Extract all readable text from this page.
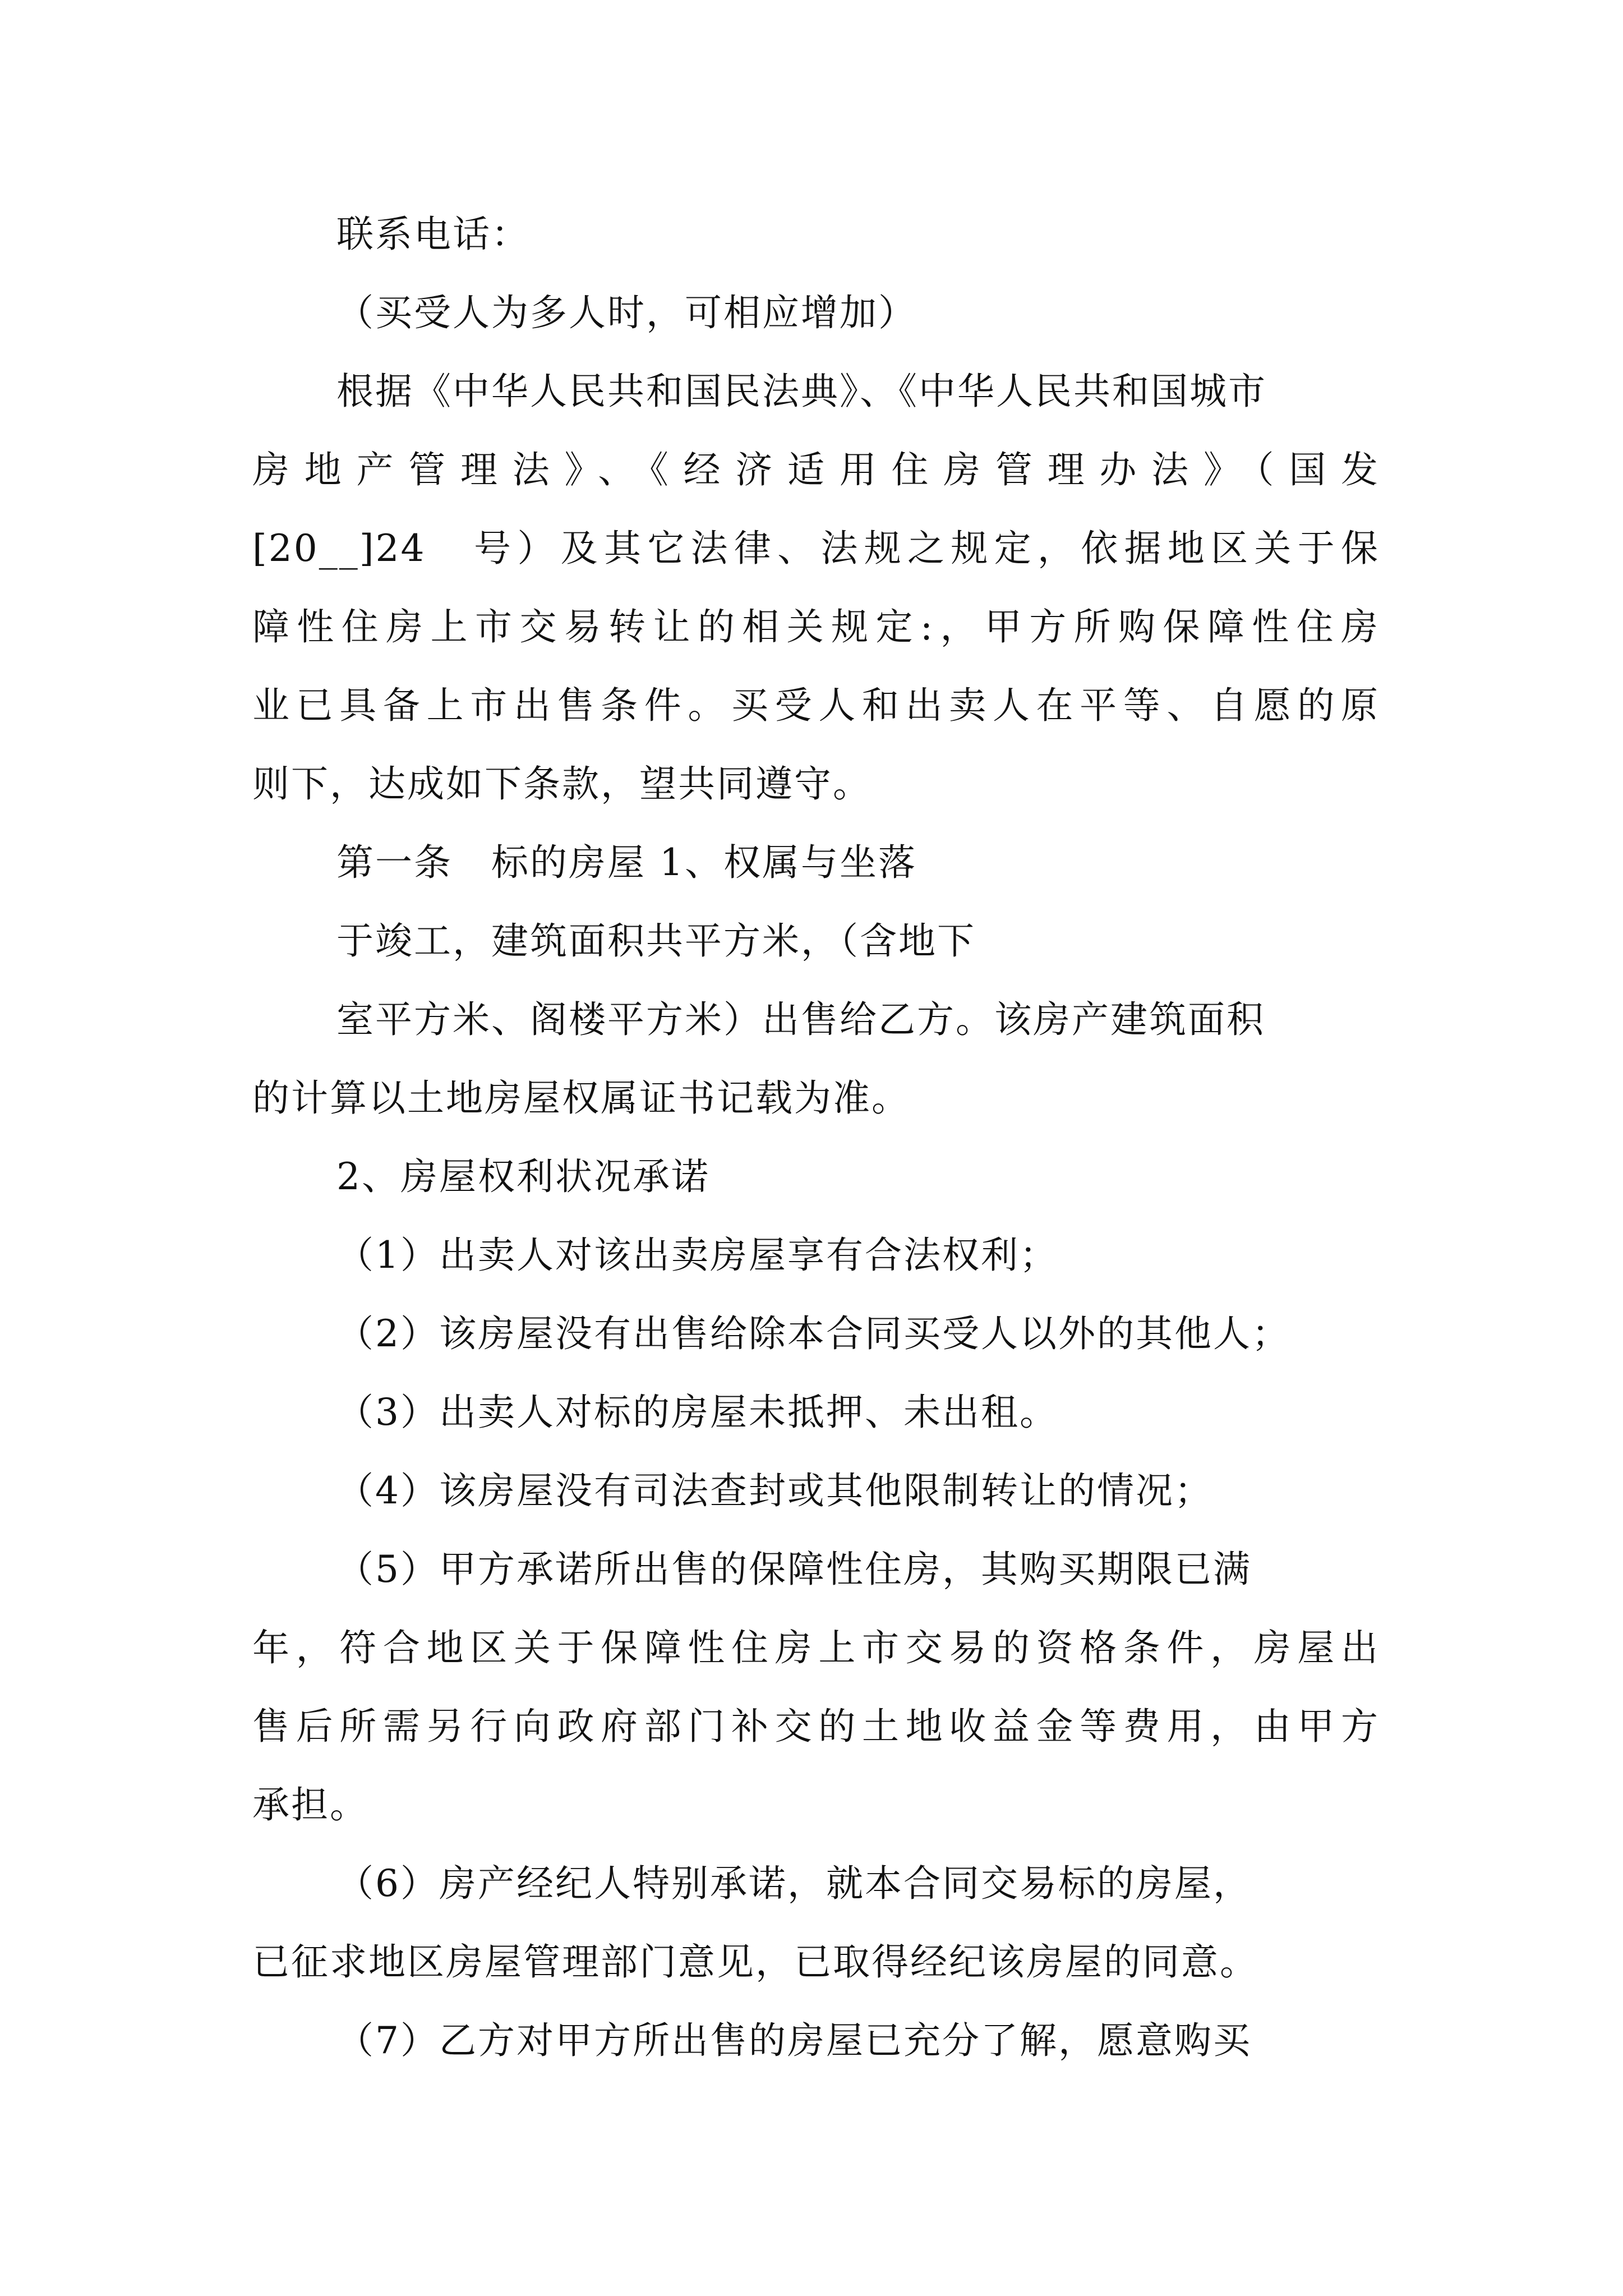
联系电话：
（买受人为多人时，可相应增加）
根据《中华人民共和国民法典》、《中华人民共和国城市
房地产管理法》、《经济适用住房管理办法》（国发
[20__]24　号）及其它法律、法规之规定，依据地区关于保
障性住房上市交易转让的相关规定:，甲方所购保障性住房
业已具备上市出售条件。买受人和出卖人在平等、自愿的原
则下，达成如下条款，望共同遵守。
第一条　标的房屋 1、权属与坐落
于竣工，建筑面积共平方米，（含地下
室平方米、阁楼平方米）出售给乙方。该房产建筑面积
的计算以土地房屋权属证书记载为准。
2、房屋权利状况承诺
（1）出卖人对该出卖房屋享有合法权利；
（2）该房屋没有出售给除本合同买受人以外的其他人；
（3）出卖人对标的房屋未抵押、未出租。
（4）该房屋没有司法查封或其他限制转让的情况；
（5）甲方承诺所出售的保障性住房，其购买期限已满
年，符合地区关于保障性住房上市交易的资格条件，房屋出
售后所需另行向政府部门补交的土地收益金等费用，由甲方
承担。
（6）房产经纪人特别承诺，就本合同交易标的房屋，
已征求地区房屋管理部门意见，已取得经纪该房屋的同意。
（7）乙方对甲方所出售的房屋已充分了解，愿意购买
